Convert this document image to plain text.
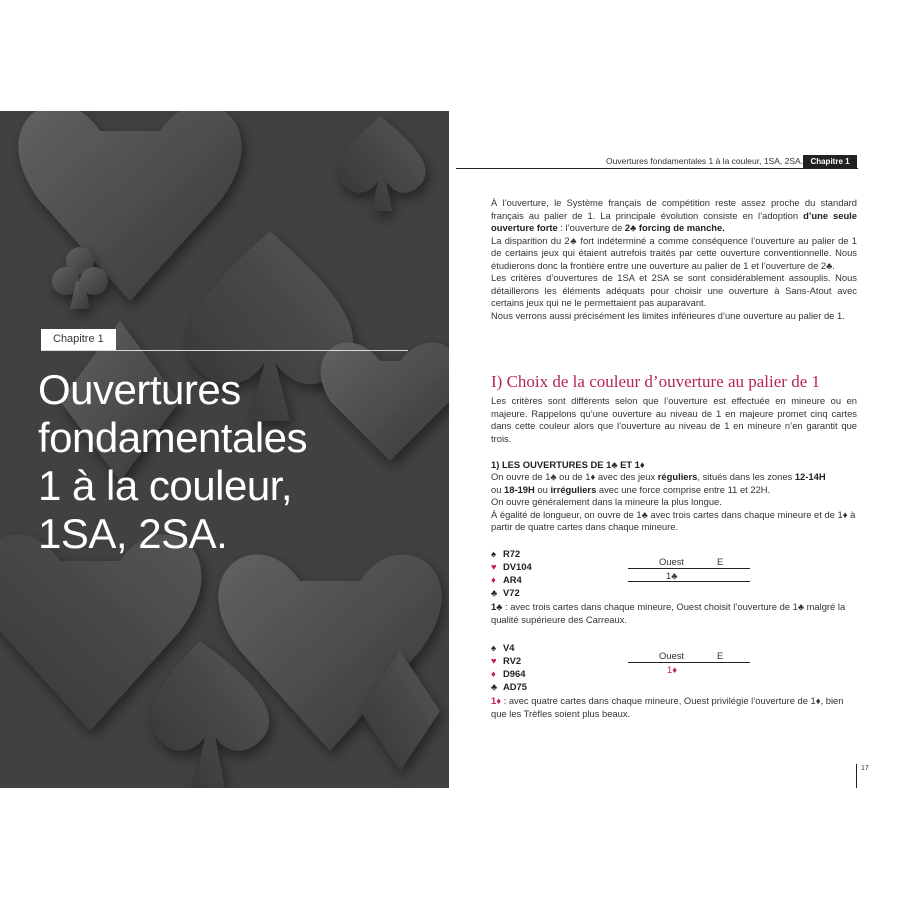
Chapitre 1
Ouvertures
fondamentales
1 à la couleur,
1SA, 2SA.
Ouvertures fondamentales 1 à la couleur, 1SA, 2SA. Chapitre 1

À l’ouverture, le Système français de compétition reste assez proche du standard français au palier de 1. La principale évolution consiste en l’adoption d’une seule ouverture forte : l’ouverture de 2♣ forcing de manche.

La disparition du 2♣ fort indéterminé a comme conséquence l’ouverture au palier de 1 de certains jeux qui étaient autrefois traités par cette ouverture conventionnelle. Nous étudierons donc la frontière entre une ouverture au palier de 1 et l’ouverture de 2♣.

Les critères d’ouvertures de 1SA et 2SA se sont considérablement assouplis. Nous détaillerons les éléments adéquats pour choisir une ouverture à Sans-Atout avec certains jeux qui ne le permettaient pas auparavant.

Nous verrons aussi précisément les limites inférieures d’une ouverture au palier de 1.

I) Choix de la couleur d’ouverture au palier de 1
Les critères sont différents selon que l’ouverture est effectuée en mineure ou en majeure. Rappelons qu’une ouverture au niveau de 1 en majeure promet cinq cartes dans cette couleur alors que l’ouverture au niveau de 1 en mineure n’en garantit que trois.
1) LES OUVERTURES DE 1♣ ET 1♦

On ouvre de 1♣ ou de 1♦ avec des jeux réguliers, situés dans les zones 12-14H

ou 18-19H ou irréguliers avec une force comprise entre 11 et 22H.

On ouvre généralement dans la mineure la plus longue.

À égalité de longueur, on ouvre de 1♣ avec trois cartes dans chaque mineure et de 1♦ à partir de quatre cartes dans chaque mineure.

♠ R72
♥ DV104
♦ AR4
♣ V72
Ouest	E
1♣

1♣ : avec trois cartes dans chaque mineure, Ouest choisit l’ouverture de 1♣ malgré la qualité supérieure des Carreaux.

♠ V4
♥ RV2
♦ D964
♣ AD75
Ouest	E
1♦

1♦ : avec quatre cartes dans chaque mineure, Ouest privilégie l’ouverture de 1♦, bien que les Trèfles soient plus beaux.

17
